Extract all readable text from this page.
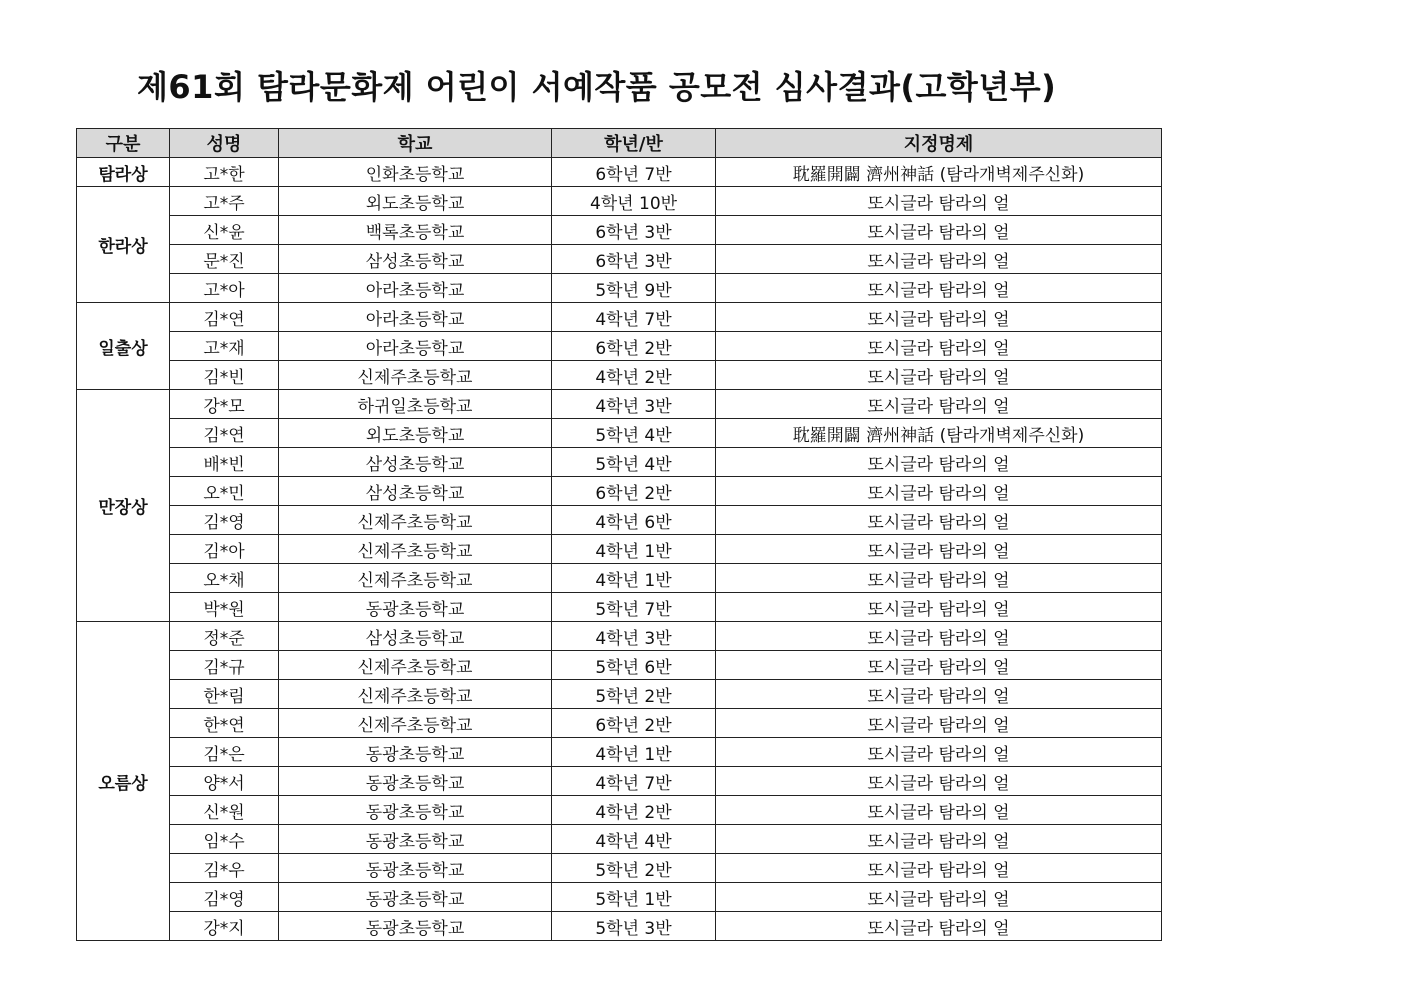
제61회 탐라문화제 어린이 서예작품 공모전 심사결과(고학년부)
구분	성명	학교	학년/반	지정명제
탐라상	고*한	인화초등학교	6학년 7반	耽羅開闢 濟州神話 (탐라개벽제주신화)
한라상	고*주	외도초등학교	4학년 10반	또시글라 탐라의 얼
	신*윤	백록초등학교	6학년 3반	또시글라 탐라의 얼
	문*진	삼성초등학교	6학년 3반	또시글라 탐라의 얼
	고*아	아라초등학교	5학년 9반	또시글라 탐라의 얼
일출상	김*연	아라초등학교	4학년 7반	또시글라 탐라의 얼
	고*재	아라초등학교	6학년 2반	또시글라 탐라의 얼
	김*빈	신제주초등학교	4학년 2반	또시글라 탐라의 얼
만장상	강*모	하귀일초등학교	4학년 3반	또시글라 탐라의 얼
	김*연	외도초등학교	5학년 4반	耽羅開闢 濟州神話 (탐라개벽제주신화)
	배*빈	삼성초등학교	5학년 4반	또시글라 탐라의 얼
	오*민	삼성초등학교	6학년 2반	또시글라 탐라의 얼
	김*영	신제주초등학교	4학년 6반	또시글라 탐라의 얼
	김*아	신제주초등학교	4학년 1반	또시글라 탐라의 얼
	오*채	신제주초등학교	4학년 1반	또시글라 탐라의 얼
	박*원	동광초등학교	5학년 7반	또시글라 탐라의 얼
오름상	정*준	삼성초등학교	4학년 3반	또시글라 탐라의 얼
	김*규	신제주초등학교	5학년 6반	또시글라 탐라의 얼
	한*림	신제주초등학교	5학년 2반	또시글라 탐라의 얼
	한*연	신제주초등학교	6학년 2반	또시글라 탐라의 얼
	김*은	동광초등학교	4학년 1반	또시글라 탐라의 얼
	양*서	동광초등학교	4학년 7반	또시글라 탐라의 얼
	신*원	동광초등학교	4학년 2반	또시글라 탐라의 얼
	임*수	동광초등학교	4학년 4반	또시글라 탐라의 얼
	김*우	동광초등학교	5학년 2반	또시글라 탐라의 얼
	김*영	동광초등학교	5학년 1반	또시글라 탐라의 얼
	강*지	동광초등학교	5학년 3반	또시글라 탐라의 얼
